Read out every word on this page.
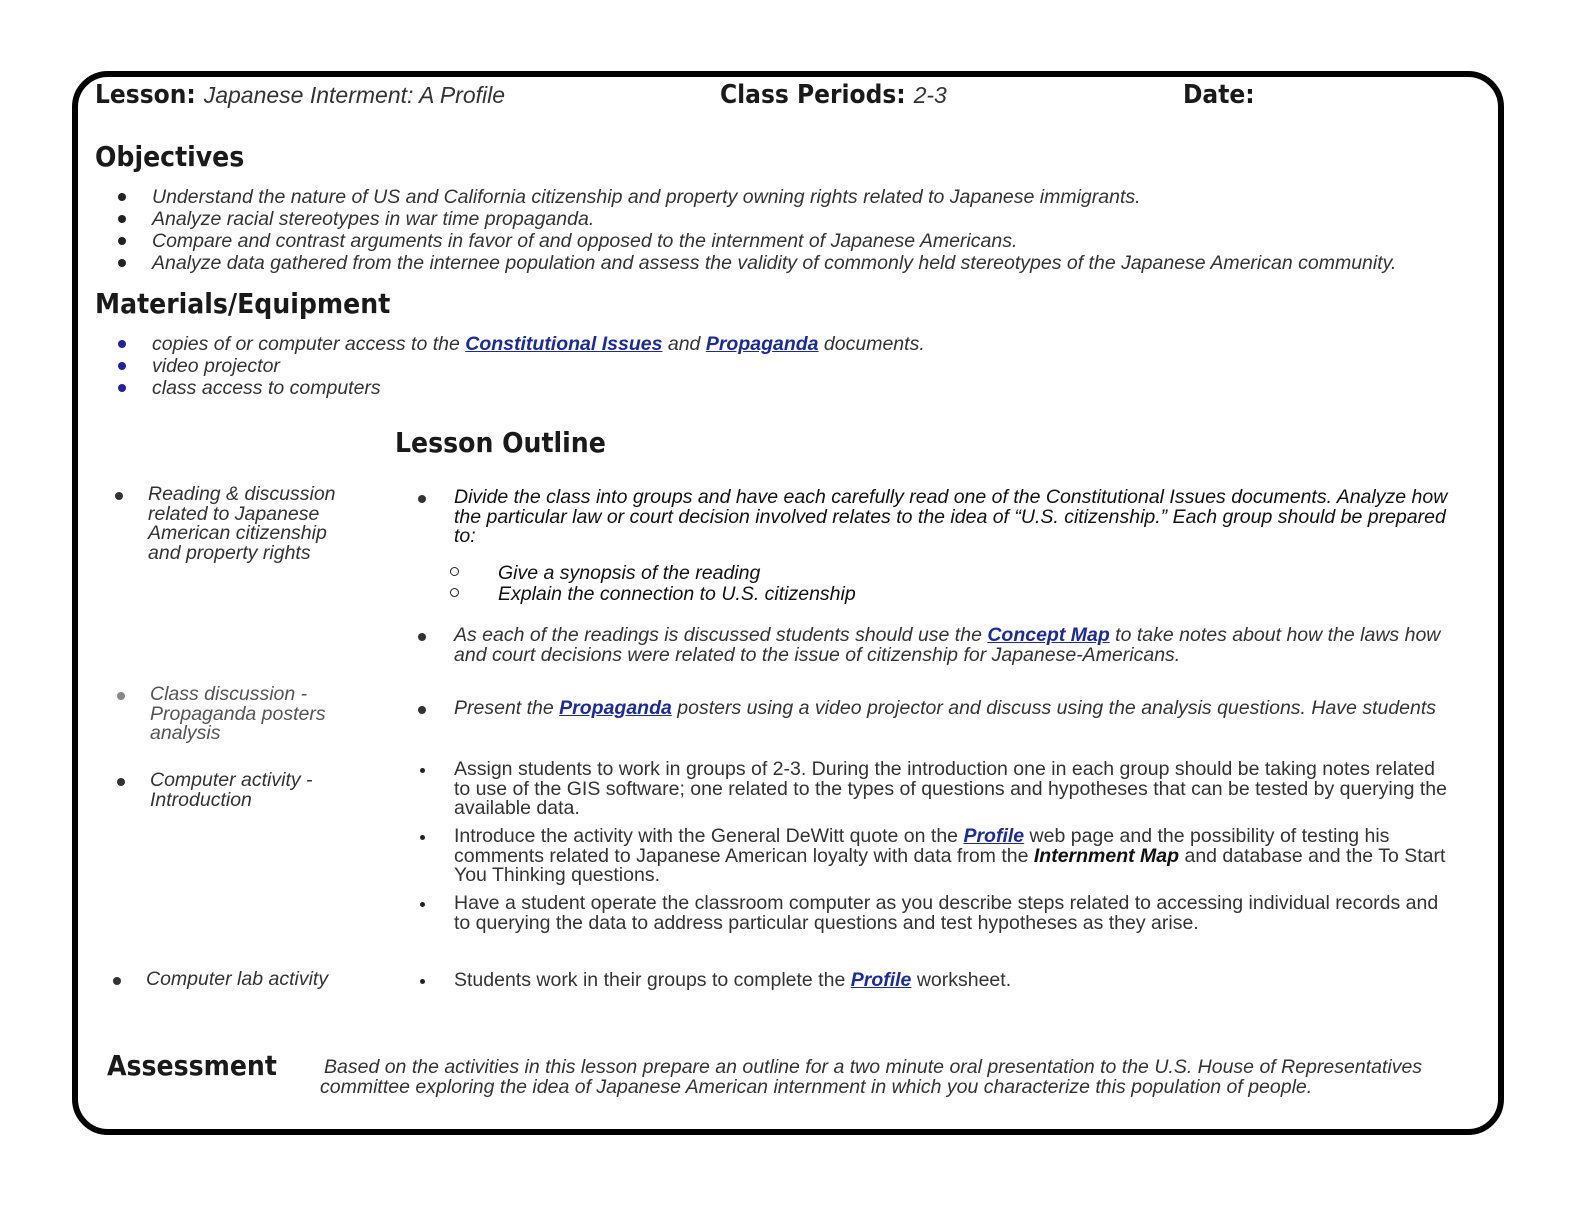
Lesson: Japanese Interment: A Profile	Class Periods: 2-3	Date:
Objectives
Understand the nature of US and California citizenship and property owning rights related to Japanese immigrants.
Analyze racial stereotypes in war time propaganda.
Compare and contrast arguments in favor of and opposed to the internment of Japanese Americans.
Analyze data gathered from the internee population and assess the validity of commonly held stereotypes of the Japanese American community.
Materials/Equipment
copies of or computer access to the Constitutional Issues and Propaganda documents.
video projector
class access to computers
Lesson Outline
Reading & discussion
related to Japanese
American citizenship
and property rights
Class discussion -
Propaganda posters
analysis
Computer activity -
Introduction
Computer lab activity
Divide the class into groups and have each carefully read one of the Constitutional Issues documents. Analyze how
the particular law or court decision involved relates to the idea of “U.S. citizenship.” Each group should be prepared
to:
Give a synopsis of the reading
Explain the connection to U.S. citizenship
As each of the readings is discussed students should use the Concept Map to take notes about how the laws how
and court decisions were related to the issue of citizenship for Japanese-Americans.
Present the Propaganda posters using a video projector and discuss using the analysis questions. Have students
Assign students to work in groups of 2-3. During the introduction one in each group should be taking notes related
to use of the GIS software; one related to the types of questions and hypotheses that can be tested by querying the
available data.
Introduce the activity with the General DeWitt quote on the Profile web page and the possibility of testing his
comments related to Japanese American loyalty with data from the Internment Map and database and the To Start
You Thinking questions.
Have a student operate the classroom computer as you describe steps related to accessing individual records and
to querying the data to address particular questions and test hypotheses as they arise.
Students work in their groups to complete the Profile worksheet.
Assessment Based on the activities in this lesson prepare an outline for a two minute oral presentation to the U.S. House of Representatives
committee exploring the idea of Japanese American internment in which you characterize this population of people.
